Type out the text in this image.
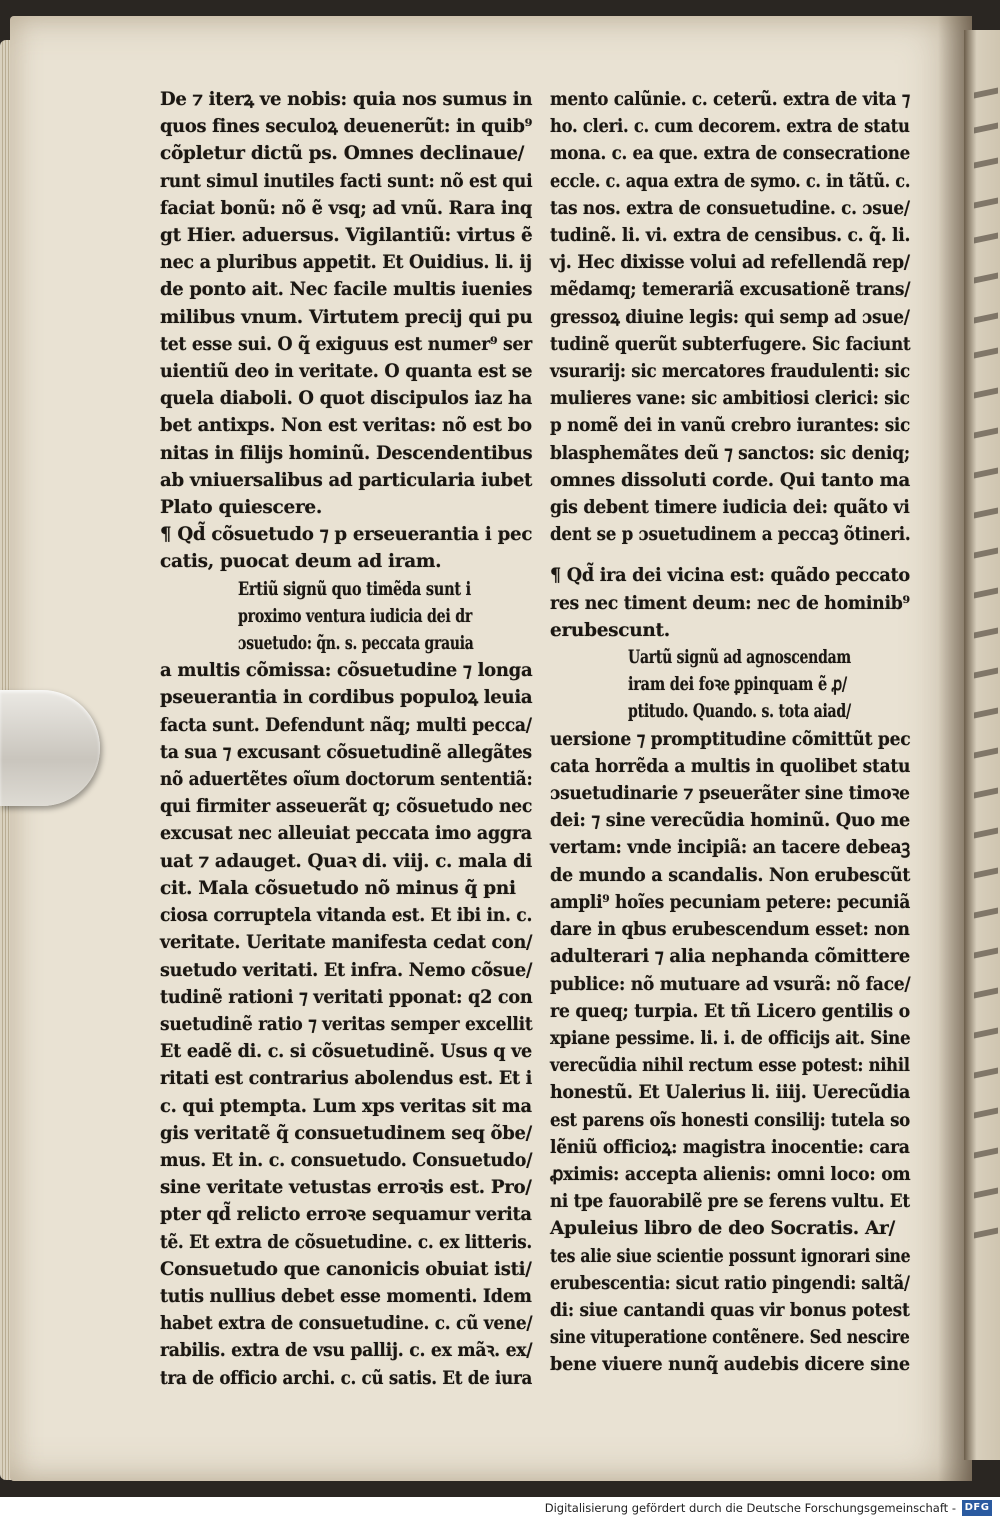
De ⁊ iterꝝ ve nobis: quia nos sumus in
quos fines seculoꝝ deuenerũt: in quib⁹
cõpletur dictũ ps. Omnes declinaue/
runt simul inutiles facti sunt: nõ est qui
faciat bonũ: nõ ẽ vsq; ad vnũ. Rara inq
gt Hier. aduersus. Vigilantiũ: virtus ẽ
nec a pluribus appetit. Et Ouidius. li. ij
de ponto ait. Nec facile multis iuenies
milibus vnum. Virtutem precij qui pu
tet esse sui. O q̃ exiguus est numer⁹ ser
uientiũ deo in veritate. O quanta est se
quela diaboli. O quot discipulos iaz ha
bet antixps. Non est veritas: nõ est bo
nitas in filijs hominũ. Descendentibus
ab vniuersalibus ad particularia iubet
Plato quiescere.
¶ Qd̃ cõsuetudo ⁊ p erseuerantia i pec
catis, puocat deum ad iram.
Ertiũ signũ quo timẽda sunt i
proximo ventura iudicia dei dr
ɔsuetudo: q̃n. s. peccata grauia
a multis cõmissa: cõsuetudine ⁊ longa
pseuerantia in cordibus populoꝝ leuia
facta sunt. Defendunt nãq; multi pecca/
ta sua ⁊ excusant cõsuetudinẽ allegãtes
nõ aduertẽtes oĩum doctorum sententiã:
qui firmiter asseuerãt q; cõsuetudo nec
excusat nec alleuiat peccata imo aggra
uat ⁊ adauget. Quaꝛ di. viij. c. mala di
cit. Mala cõsuetudo nõ minus q̃ pni
ciosa corruptela vitanda est. Et ibi in. c.
veritate. Ueritate manifesta cedat con/
suetudo veritati. Et infra. Nemo cõsue/
tudinẽ rationi ⁊ veritati pponat: q2 con
suetudinẽ ratio ⁊ veritas semper excellit
Et eadẽ di. c. si cõsuetudinẽ. Usus q ve
ritati est contrarius abolendus est. Et i
c. qui ptempta. Lum xps veritas sit ma
gis veritatẽ q̃ consuetudinem seq õbe/
mus. Et in. c. consuetudo. Consuetudo/
sine veritate vetustas erroꝛis est. Pro/
pter qd̃ relicto erroꝛe sequamur verita
tẽ. Et extra de cõsuetudine. c. ex litteris.
Consuetudo que canonicis obuiat isti/
tutis nullius debet esse momenti. Idem
habet extra de consuetudine. c. cũ vene/
rabilis. extra de vsu pallij. c. ex mãꝛ. ex/
tra de officio archi. c. cũ satis. Et de iura
mento calũnie. c. ceterũ. extra de vita ⁊
ho. cleri. c. cum decorem. extra de statu
mona. c. ea que. extra de consecratione
eccle. c. aqua extra de symo. c. in tãtũ. c.
tas nos. extra de consuetudine. c. ɔsue/
tudinẽ. li. vi. extra de censibus. c. q̃. li.
vj. Hec dixisse volui ad refellendã rep/
mẽdamq; temerariã excusationẽ trans/
gressoꝝ diuine legis: qui semp ad ɔsue/
tudinẽ querũt subterfugere. Sic faciunt
vsurarij: sic mercatores fraudulenti: sic
mulieres vane: sic ambitiosi clerici: sic
p nomẽ dei in vanũ crebro iurantes: sic
blasphemãtes deũ ⁊ sanctos: sic deniq;
omnes dissoluti corde. Qui tanto ma
gis debent timere iudicia dei: quãto vi
dent se p ɔsuetudinem a peccaꝫ õtineri.
¶ Qd̃ ira dei vicina est: quãdo peccato
res nec timent deum: nec de hominib⁹
erubescunt.
Uartũ signũ ad agnoscendam
iram dei foꝛe ꝑpinquam ẽ ꝓ/
ptitudo. Quando. s. tota aiad/
uersione ⁊ promptitudine cõmittũt pec
cata horrẽda a multis in quolibet statu
ɔsuetudinarie ⁊ pseuerãter sine timoꝛe
dei: ⁊ sine verecũdia hominũ. Quo me
vertam: vnde incipiã: an tacere debeaꝫ
de mundo a scandalis. Non erubescũt
ampli⁹ hoĩes pecuniam petere: pecuniã
dare in qbus erubescendum esset: non
adulterari ⁊ alia nephanda cõmittere
publice: nõ mutuare ad vsurã: nõ face/
re queq; turpia. Et tñ Licero gentilis o
xpiane pessime. li. i. de officijs ait. Sine
verecũdia nihil rectum esse potest: nihil
honestũ. Et Ualerius li. iiij. Uerecũdia
est parens oĩs honesti consilij: tutela so
lẽniũ officioꝝ: magistra inocentie: cara
ꝓximis: accepta alienis: omni loco: om
ni tpe fauorabilẽ pre se ferens vultu. Et
Apuleius libro de deo Socratis. Ar/
tes alie siue scientie possunt ignorari sine
erubescentia: sicut ratio pingendi: saltã/
di: siue cantandi quas vir bonus potest
sine vituperatione contẽnere. Sed nescire
bene viuere nunq̃ audebis dicere sine
Digitalisierung gefördert durch die Deutsche Forschungsgemeinschaft - DFG
